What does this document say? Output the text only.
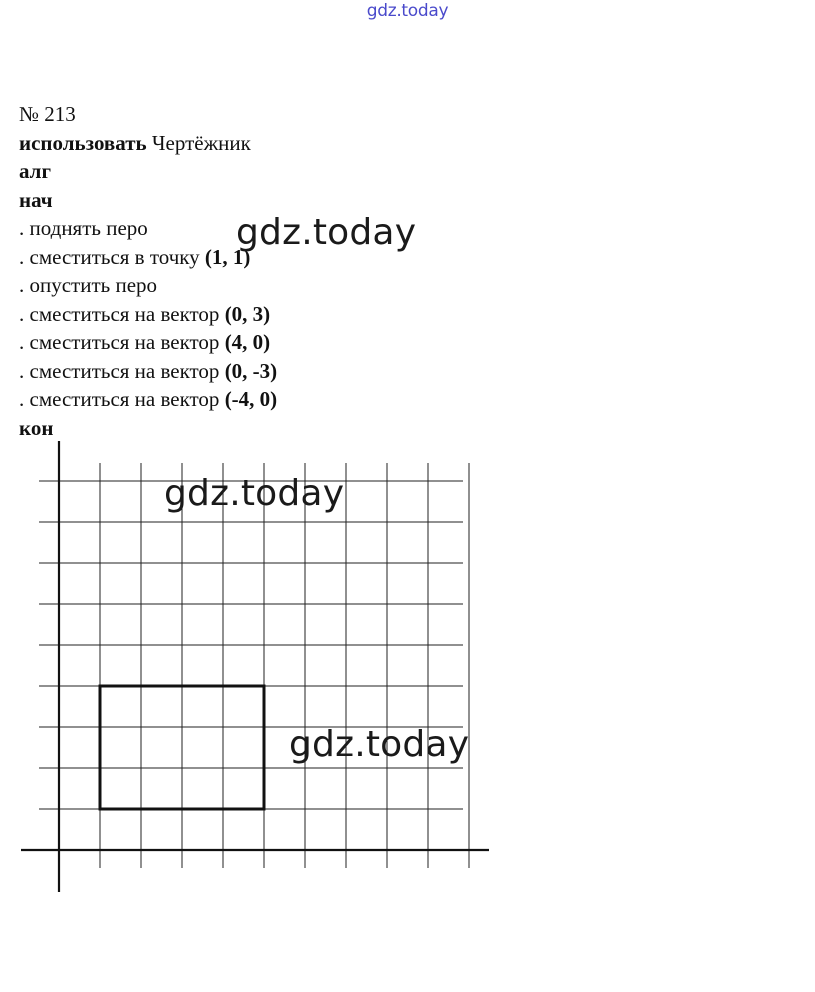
gdz.today
№ 213
использовать Чертёжник
алг
нач
. поднять перо
. сместиться в точку (1, 1)
. опустить перо
. сместиться на вектор (0, 3)
. сместиться на вектор (4, 0)
. сместиться на вектор (0, -3)
. сместиться на вектор (-4, 0)
кон
gdz.today
gdz.today
gdz.today
